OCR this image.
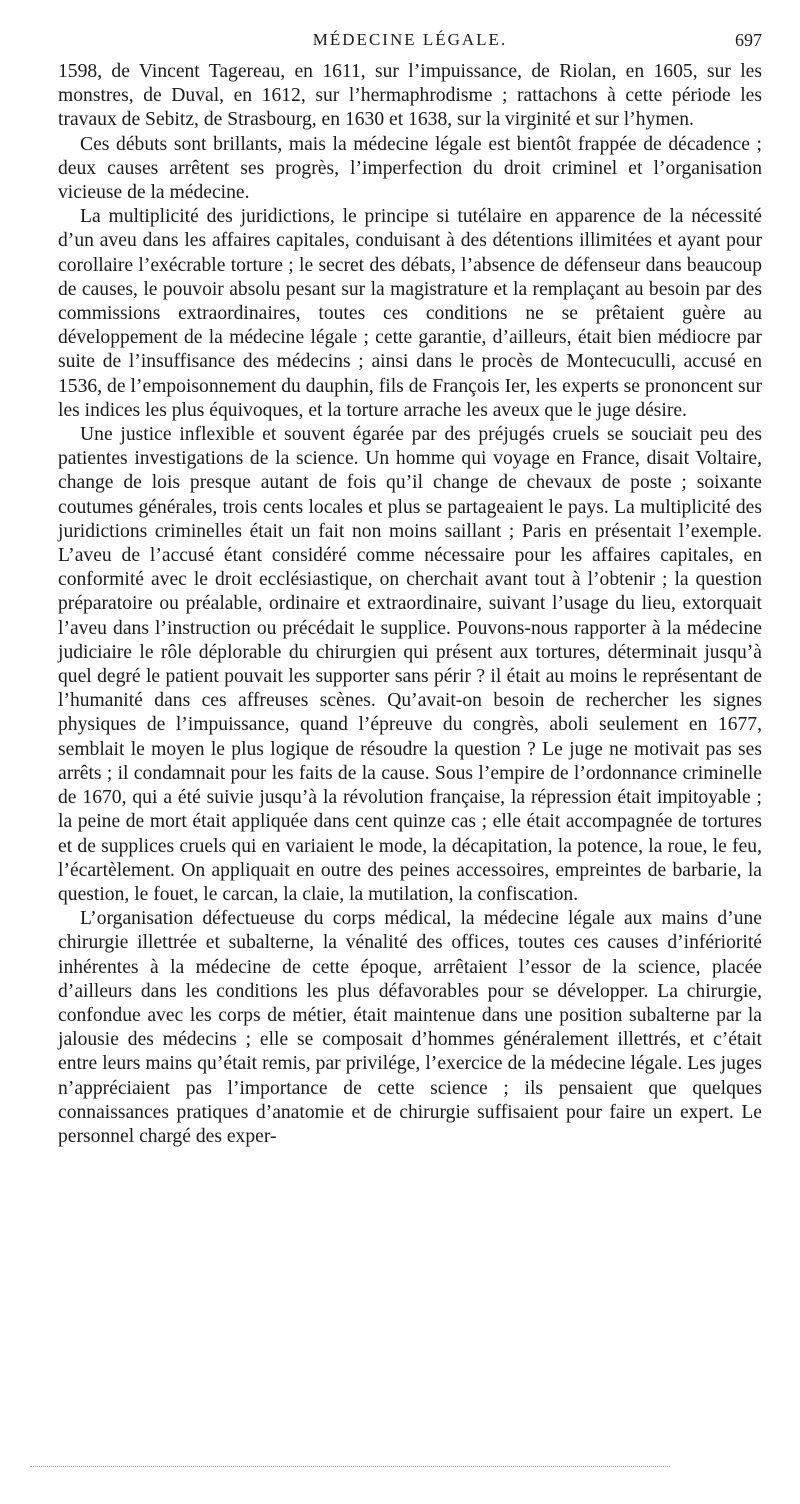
MÉDECINE LÉGALE.	697

1598, de Vincent Tagereau, en 1611, sur l’impuissance, de Riolan, en 1605, sur les monstres, de Duval, en 1612, sur l’hermaphrodisme ; rattachons à cette période les travaux de Sebitz, de Strasbourg, en 1630 et 1638, sur la virginité et sur l’hymen.

Ces débuts sont brillants, mais la médecine légale est bientôt frappée de décadence ; deux causes arrêtent ses progrès, l’imperfection du droit criminel et l’organisation vicieuse de la médecine.

La multiplicité des juridictions, le principe si tutélaire en apparence de la nécessité d’un aveu dans les affaires capitales, conduisant à des détentions illimitées et ayant pour corollaire l’exécrable torture ; le secret des débats, l’absence de défenseur dans beaucoup de causes, le pouvoir absolu pesant sur la magistrature et la remplaçant au besoin par des commissions extraordinaires, toutes ces conditions ne se prêtaient guère au développement de la médecine légale ; cette garantie, d’ailleurs, était bien médiocre par suite de l’insuffisance des médecins ; ainsi dans le procès de Montecuculli, accusé en 1536, de l’empoisonnement du dauphin, fils de François Ier, les experts se prononcent sur les indices les plus équivoques, et la torture arrache les aveux que le juge désire.

Une justice inflexible et souvent égarée par des préjugés cruels se souciait peu des patientes investigations de la science. Un homme qui voyage en France, disait Voltaire, change de lois presque autant de fois qu’il change de chevaux de poste ; soixante coutumes générales, trois cents locales et plus se partageaient le pays. La multiplicité des juridictions criminelles était un fait non moins saillant ; Paris en présentait l’exemple. L’aveu de l’accusé étant considéré comme nécessaire pour les affaires capitales, en conformité avec le droit ecclésiastique, on cherchait avant tout à l’obtenir ; la question préparatoire ou préalable, ordinaire et extraordinaire, suivant l’usage du lieu, extorquait l’aveu dans l’instruction ou précédait le supplice. Pouvons-nous rapporter à la médecine judiciaire le rôle déplorable du chirurgien qui présent aux tortures, déterminait jusqu’à quel degré le patient pouvait les supporter sans périr ? il était au moins le représentant de l’humanité dans ces affreuses scènes. Qu’avait-on besoin de rechercher les signes physiques de l’impuissance, quand l’épreuve du congrès, aboli seulement en 1677, semblait le moyen le plus logique de résoudre la question ? Le juge ne motivait pas ses arrêts ; il condamnait pour les faits de la cause. Sous l’empire de l’ordonnance criminelle de 1670, qui a été suivie jusqu’à la révolution française, la répression était impitoyable ; la peine de mort était appliquée dans cent quinze cas ; elle était accompagnée de tortures et de supplices cruels qui en variaient le mode, la décapitation, la potence, la roue, le feu, l’écartèlement. On appliquait en outre des peines accessoires, empreintes de barbarie, la question, le fouet, le carcan, la claie, la mutilation, la confiscation.

L’organisation défectueuse du corps médical, la médecine légale aux mains d’une chirurgie illettrée et subalterne, la vénalité des offices, toutes ces causes d’infériorité inhérentes à la médecine de cette époque, arrêtaient l’essor de la science, placée d’ailleurs dans les conditions les plus défavorables pour se développer. La chirurgie, confondue avec les corps de métier, était maintenue dans une position subalterne par la jalousie des médecins ; elle se composait d’hommes généralement illettrés, et c’était entre leurs mains qu’était remis, par privilége, l’exercice de la médecine légale. Les juges n’appréciaient pas l’importance de cette science ; ils pensaient que quelques connaissances pratiques d’anatomie et de chirurgie suffisaient pour faire un expert. Le personnel chargé des exper-
